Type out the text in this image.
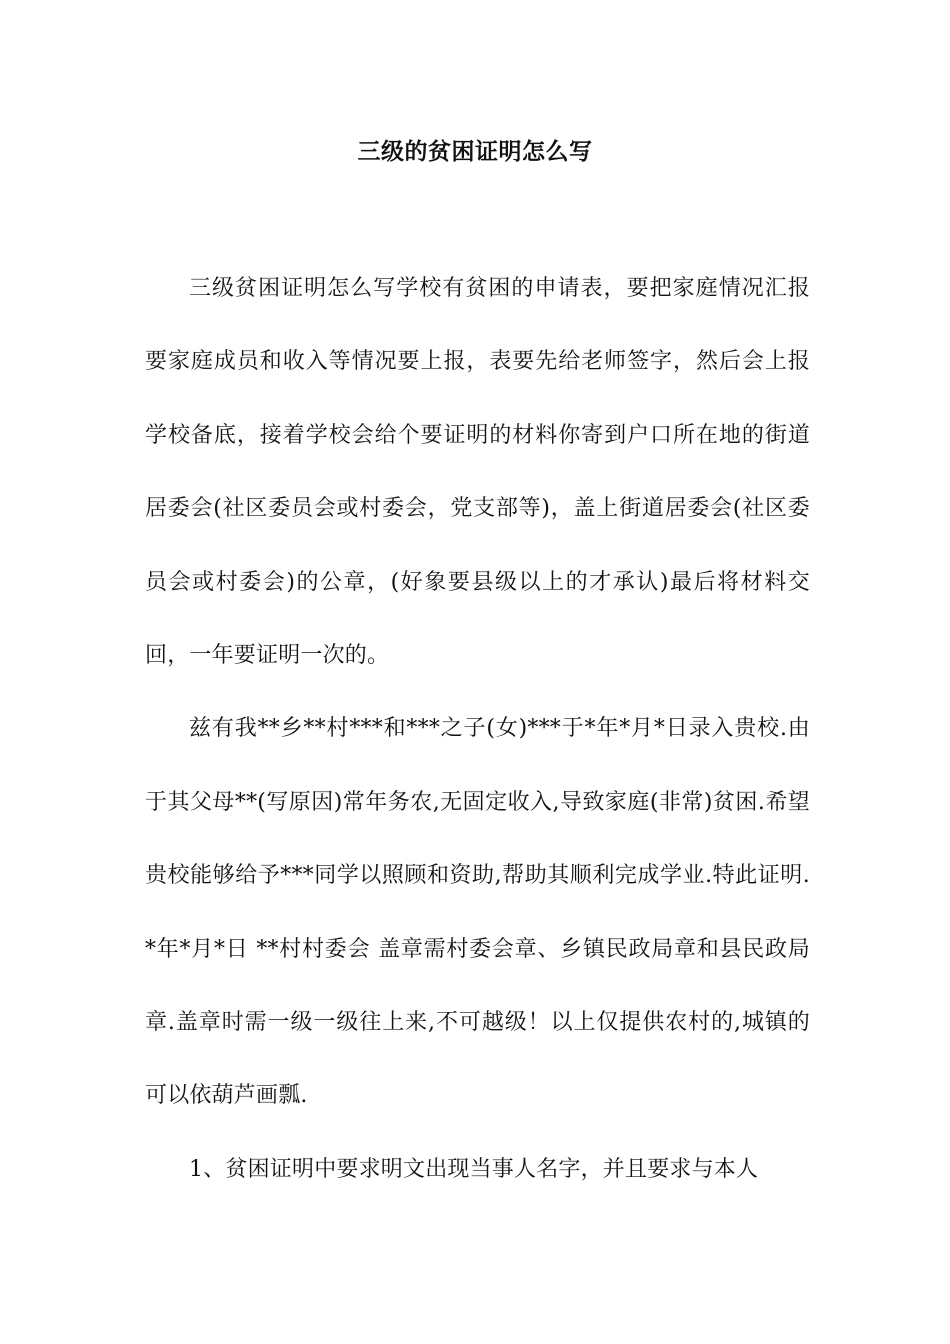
三级的贫困证明怎么写

三级贫困证明怎么写学校有贫困的申请表，要把家庭情况汇报要家庭成员和收入等情况要上报，表要先给老师签字，然后会上报学校备底，接着学校会给个要证明的材料你寄到户口所在地的街道居委会(社区委员会或村委会，党支部等)，盖上街道居委会(社区委员会或村委会)的公章，(好象要县级以上的才承认)最后将材料交回，一年要证明一次的。

兹有我**乡**村***和***之子(女)***于*年*月*日录入贵校.由于其父母**(写原因)常年务农,无固定收入,导致家庭(非常)贫困.希望贵校能够给予***同学以照顾和资助,帮助其顺利完成学业.特此证明. *年*月*日 **村村委会 盖章需村委会章、乡镇民政局章和县民政局章.盖章时需一级一级往上来,不可越级！以上仅提供农村的,城镇的可以依葫芦画瓢.

1、贫困证明中要求明文出现当事人名字，并且要求与本人
